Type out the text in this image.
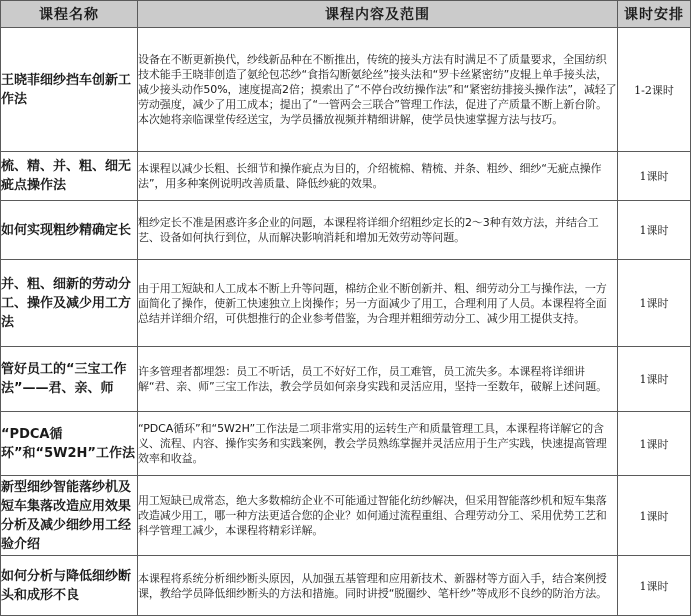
课程名称	课程内容及范围	课时安排
王晓菲细纱挡车创新工作法	设备在不断更新换代，纱线新品种在不断推出，传统的接头方法有时满足不了质量要求，全国纺织技术能手王晓菲创造了氨纶包芯纱“食指勾断氨纶丝”接头法和“罗卡丝紧密纺”皮辊上单手接头法，减少接头动作50%，速度提高2倍；摸索出了“不停台改纺操作法”和“紧密纺排接头操作法”，减轻了劳动强度，减少了用工成本；提出了“一管两会三联合”管理工作法，促进了产质量不断上新台阶。本次她将亲临课堂传经送宝，为学员播放视频并精细讲解，使学员快速掌握方法与技巧。	1-2课时
梳、精、并、粗、细无疵点操作法	本课程以减少长粗、长细节和操作疵点为目的，介绍梳棉、精梳、并条、粗纱、细纱“无疵点操作法”，用多种案例说明改善质量、降低纱疵的效果。	1课时
如何实现粗纱精确定长	粗纱定长不准是困惑许多企业的问题，本课程将详细介绍粗纱定长的2～3种有效方法，并结合工艺、设备如何执行到位，从而解决影响消耗和增加无效劳动等问题。	1课时
并、粗、细新的劳动分工、操作及减少用工方法	由于用工短缺和人工成本不断上升等问题，棉纺企业不断创新并、粗、细劳动分工与操作法，一方面简化了操作，使新工快速独立上岗操作；另一方面减少了用工，合理利用了人员。本课程将全面总结并详细介绍，可供想推行的企业参考借鉴，为合理并粗细劳动分工、减少用工提供支持。	1课时
管好员工的“三宝工作法”——君、亲、师	许多管理者都埋怨：员工不听话，员工不好好工作，员工难管，员工流失多。本课程将详细讲解“君、亲、师”三宝工作法，教会学员如何亲身实践和灵活应用，坚持一至数年，破解上述问题。	1课时
“PDCA循环”和“5W2H”工作法	“PDCA循环”和“5W2H”工作法是二项非常实用的运转生产和质量管理工具，本课程将详解它的含义、流程、内容、操作实务和实践案例，教会学员熟练掌握并灵活应用于生产实践，快速提高管理效率和收益。	1课时
新型细纱智能落纱机及短车集落改造应用效果分析及减少细纱用工经验介绍	用工短缺已成常态，绝大多数棉纺企业不可能通过智能化纺纱解决，但采用智能落纱机和短车集落改造减少用工，哪一种方法更适合您的企业？如何通过流程重组、合理劳动分工、采用优势工艺和科学管理工减少，本课程将精彩详解。	1课时
如何分析与降低细纱断头和成形不良	本课程将系统分析细纱断头原因，从加强五基管理和应用新技术、新器材等方面入手，结合案例授课，教给学员降低细纱断头的方法和措施。同时讲授“脱圈纱、笔杆纱”等成形不良纱的防治方法。	1课时
